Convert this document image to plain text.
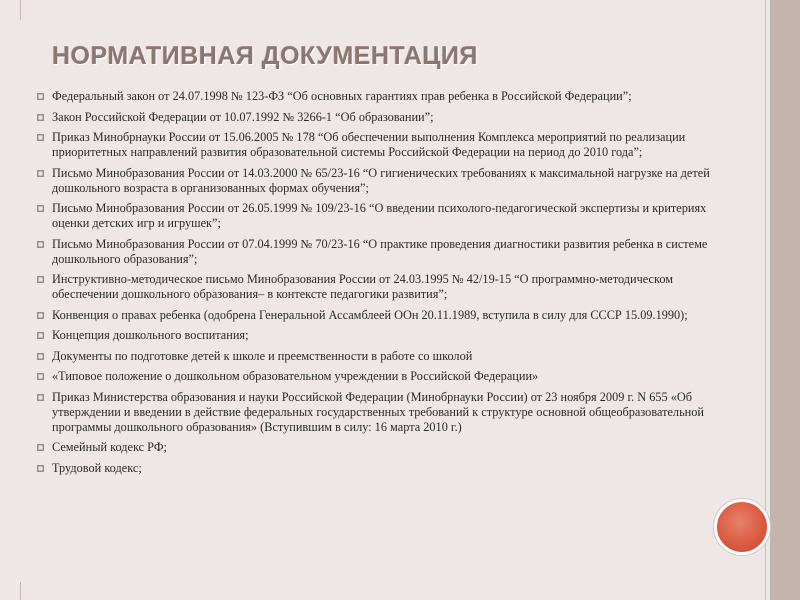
НОРМАТИВНАЯ ДОКУМЕНТАЦИЯ
Федеральный закон от 24.07.1998 № 123-ФЗ “Об основных гарантиях прав ребенка в Российской Федерации”;
Закон Российской Федерации от 10.07.1992 № 3266-1 “Об образовании”;
Приказ Минобрнауки России от 15.06.2005 № 178 “Об обеспечении выполнения Комплекса мероприятий по реализации приоритетных направлений развития образовательной системы Российской Федерации на период до 2010 года”;
Письмо Минобразования России от 14.03.2000 № 65/23-16 “О гигиенических требованиях к максимальной нагрузке на детей дошкольного возраста в организованных формах обучения”;
Письмо Минобразования России от 26.05.1999 № 109/23-16 “О введении психолого-педагогической экспертизы и критериях оценки детских игр и игрушек”;
Письмо Минобразования России от 07.04.1999 № 70/23-16 “О практике проведения диагностики развития ребенка в системе дошкольного образования”;
Инструктивно-методическое письмо Минобразования России от 24.03.1995 № 42/19-15 “О программно-методическом обеспечении дошкольного образования– в контексте педагогики развития”;
Конвенция о правах ребенка (одобрена Генеральной Ассамблеей ООн 20.11.1989, вступила в силу для СССР 15.09.1990);
Концепция дошкольного воспитания;
Документы по подготовке детей к школе и преемственности в работе со школой
«Типовое положение о дошкольном образовательном учреждении в Российской Федерации»
Приказ Министерства образования и науки Российской Федерации (Минобрнауки России) от 23 ноября 2009 г. N 655 «Об утверждении и введении в действие федеральных государственных требований к структуре основной общеобразовательной программы дошкольного образования» (Вступившим в силу: 16 марта 2010 г.)
Семейный кодекс РФ;
Трудовой кодекс;
